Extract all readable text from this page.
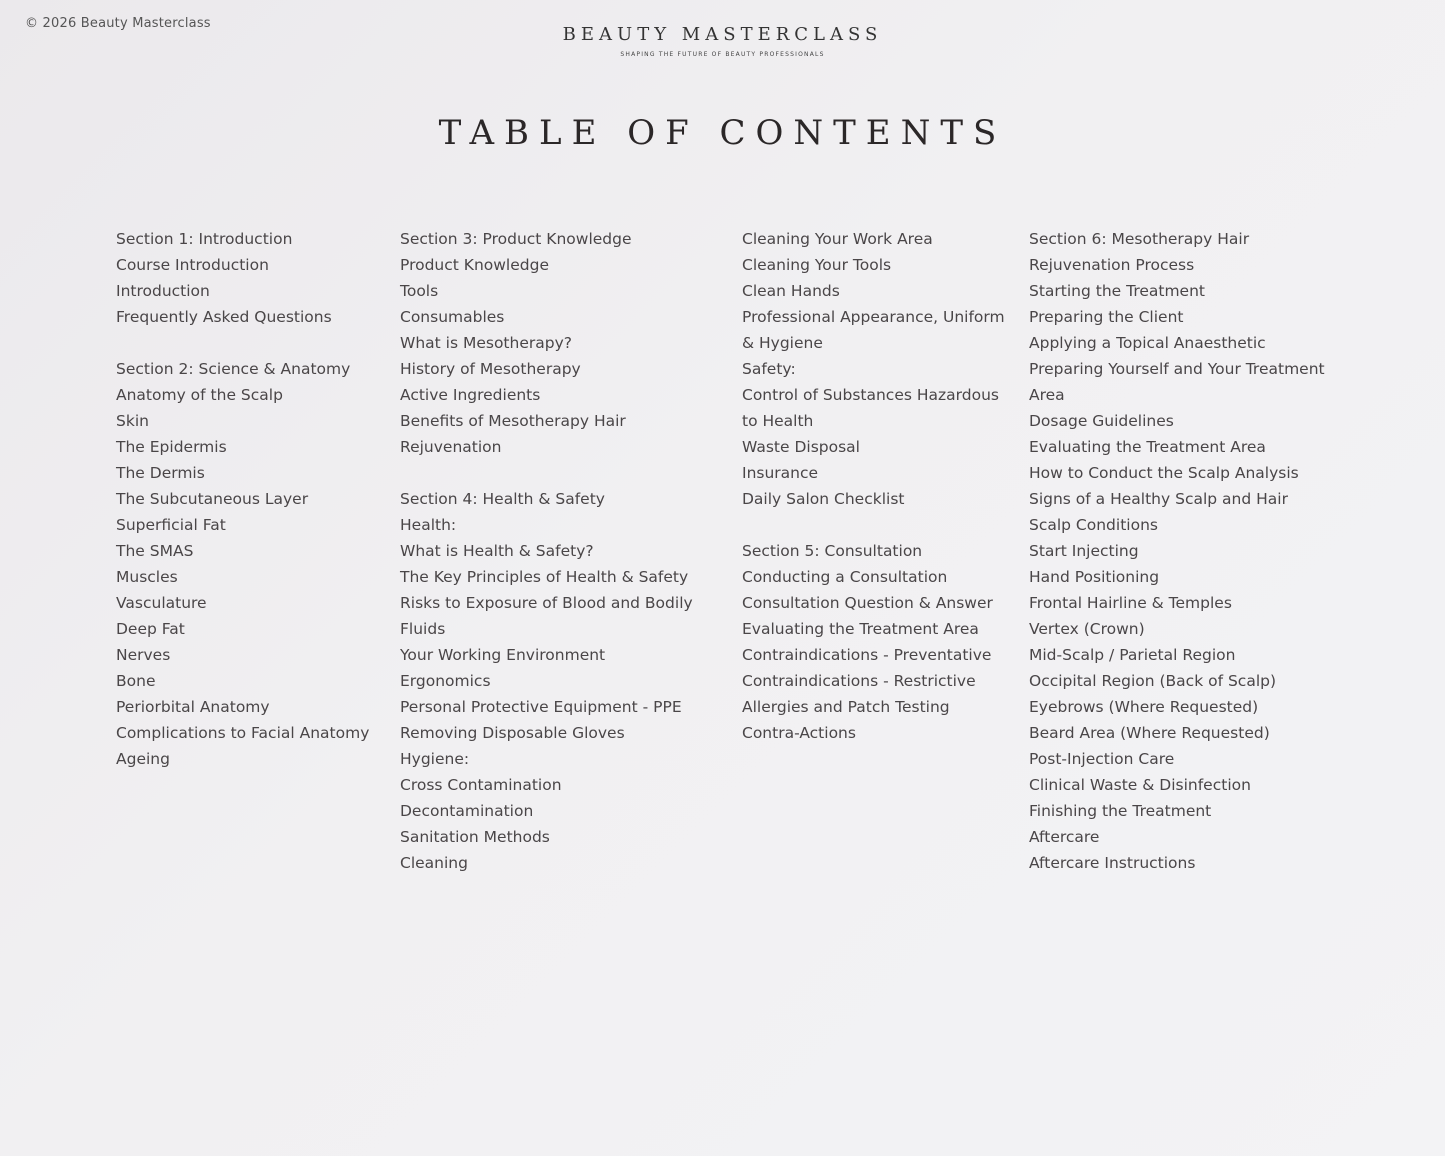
© 2026 Beauty Masterclass
BEAUTY MASTERCLASS
SHAPING THE FUTURE OF BEAUTY PROFESSIONALS
TABLE OF CONTENTS
Section 1: Introduction
Course Introduction
Introduction
Frequently Asked Questions
Section 2: Science & Anatomy
Anatomy of the Scalp
Skin
The Epidermis
The Dermis
The Subcutaneous Layer
Superficial Fat
The SMAS
Muscles
Vasculature
Deep Fat
Nerves
Bone
Periorbital Anatomy
Complications to Facial Anatomy
Ageing
Section 3: Product Knowledge
Product Knowledge
Tools
Consumables
What is Mesotherapy?
History of Mesotherapy
Active Ingredients
Benefits of Mesotherapy Hair
Rejuvenation
Section 4: Health & Safety
Health:
What is Health & Safety?
The Key Principles of Health & Safety
Risks to Exposure of Blood and Bodily
Fluids
Your Working Environment
Ergonomics
Personal Protective Equipment - PPE
Removing Disposable Gloves
Hygiene:
Cross Contamination
Decontamination
Sanitation Methods
Cleaning
Cleaning Your Work Area
Cleaning Your Tools
Clean Hands
Professional Appearance, Uniform
& Hygiene
Safety:
Control of Substances Hazardous
to Health
Waste Disposal
Insurance
Daily Salon Checklist
Section 5: Consultation
Conducting a Consultation
Consultation Question & Answer
Evaluating the Treatment Area
Contraindications - Preventative
Contraindications - Restrictive
Allergies and Patch Testing
Contra-Actions
Section 6: Mesotherapy Hair
Rejuvenation Process
Starting the Treatment
Preparing the Client
Applying a Topical Anaesthetic
Preparing Yourself and Your Treatment
Area
Dosage Guidelines
Evaluating the Treatment Area
How to Conduct the Scalp Analysis
Signs of a Healthy Scalp and Hair
Scalp Conditions
Start Injecting
Hand Positioning
Frontal Hairline & Temples
Vertex (Crown)
Mid-Scalp / Parietal Region
Occipital Region (Back of Scalp)
Eyebrows (Where Requested)
Beard Area (Where Requested)
Post-Injection Care
Clinical Waste & Disinfection
Finishing the Treatment
Aftercare
Aftercare Instructions
